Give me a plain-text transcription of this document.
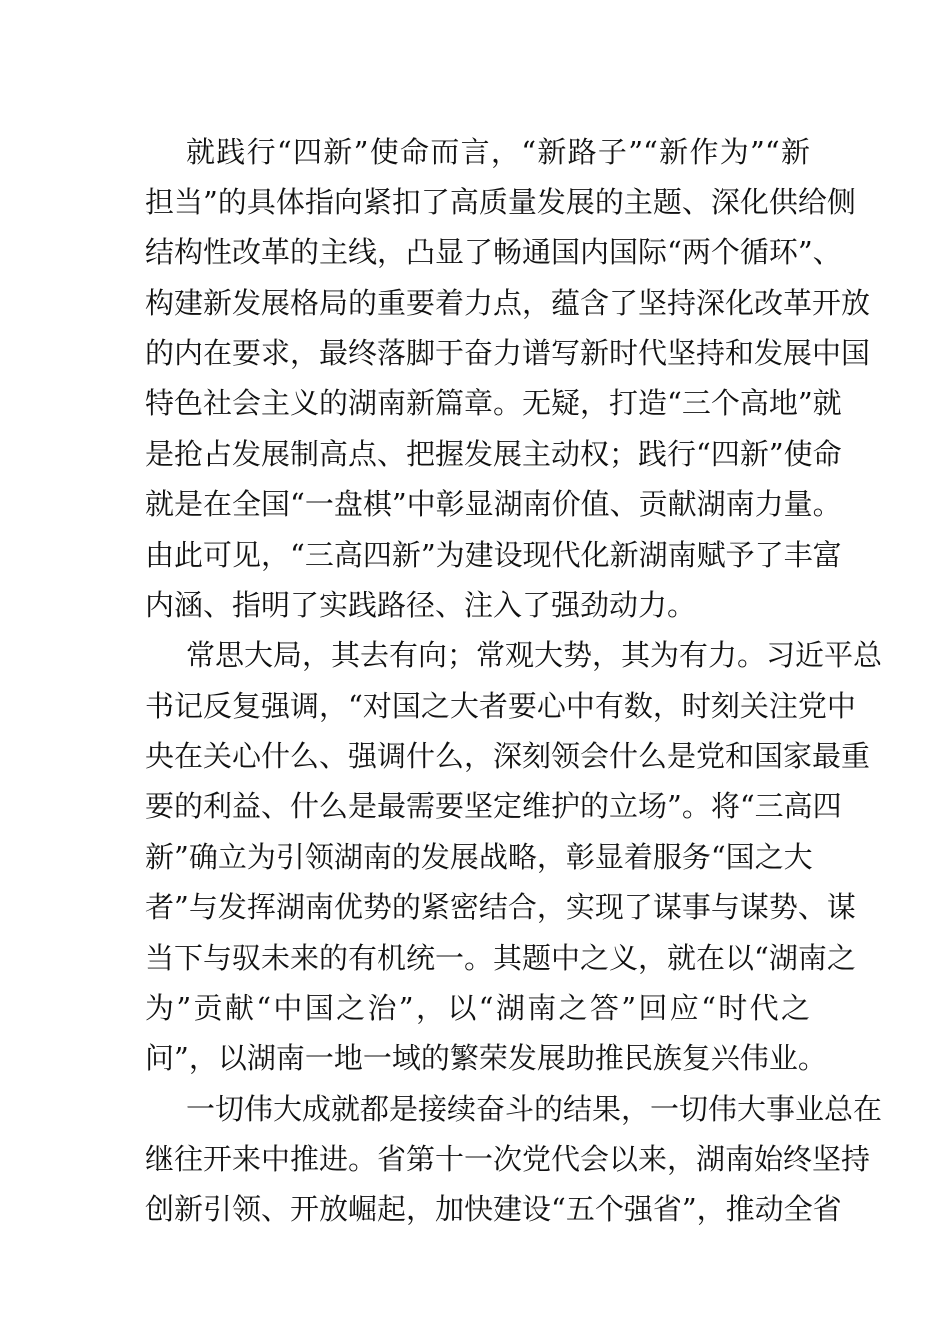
就践行“四新”使命而言，“新路子”“新作为”“新
担当”的具体指向紧扣了高质量发展的主题、深化供给侧
结构性改革的主线，凸显了畅通国内国际“两个循环”、
构建新发展格局的重要着力点，蕴含了坚持深化改革开放
的内在要求，最终落脚于奋力谱写新时代坚持和发展中国
特色社会主义的湖南新篇章。无疑，打造“三个高地”就
是抢占发展制高点、把握发展主动权；践行“四新”使命
就是在全国“一盘棋”中彰显湖南价值、贡献湖南力量。
由此可见，“三高四新”为建设现代化新湖南赋予了丰富
内涵、指明了实践路径、注入了强劲动力。
常思大局，其去有向；常观大势，其为有力。习近平总
书记反复强调，“对国之大者要心中有数，时刻关注党中
央在关心什么、强调什么，深刻领会什么是党和国家最重
要的利益、什么是最需要坚定维护的立场”。将“三高四
新”确立为引领湖南的发展战略，彰显着服务“国之大
者”与发挥湖南优势的紧密结合，实现了谋事与谋势、谋
当下与驭未来的有机统一。其题中之义，就在以“湖南之
为”贡献“中国之治”，以“湖南之答”回应“时代之
问”，以湖南一地一域的繁荣发展助推民族复兴伟业。
一切伟大成就都是接续奋斗的结果，一切伟大事业总在
继往开来中推进。省第十一次党代会以来，湖南始终坚持
创新引领、开放崛起，加快建设“五个强省”，推动全省
